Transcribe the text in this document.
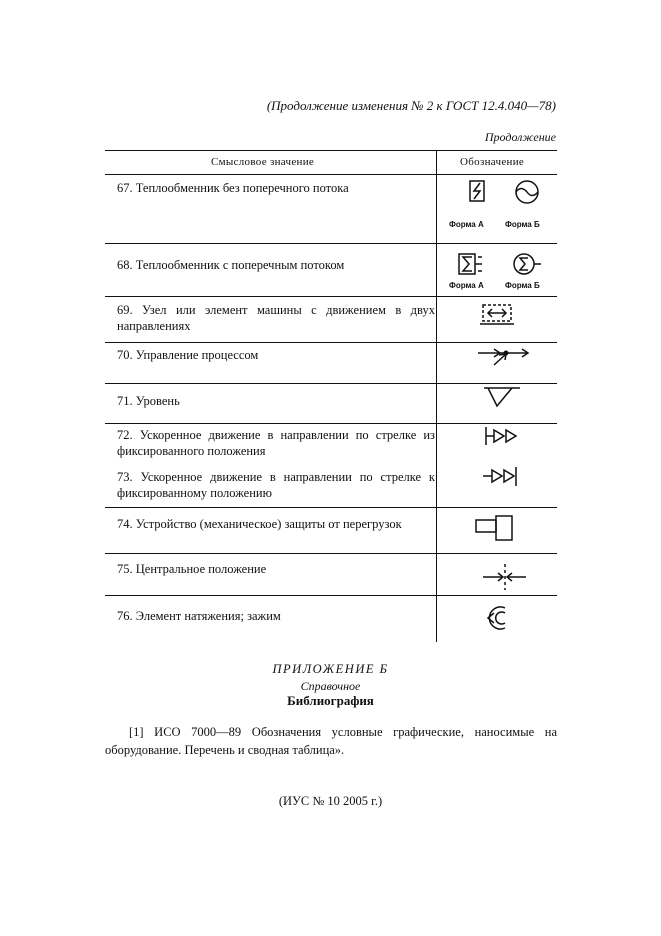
(Продолжение изменения № 2 к ГОСТ 12.4.040—78)
Продолжение
Смысловое значение	Обозначение
67. Теплообменник без поперечного потока
Форма А	Форма Б
68. Теплообменник с поперечным потоком
Форма А	Форма Б
69. Узел или элемент машины с движением в двух направлениях
70. Управление процессом
71. Уровень
72. Ускоренное движение в направлении по стрелке из фиксированного положения
73. Ускоренное движение в направлении по стрелке к фиксированному положению
74. Устройство (механическое) защиты от перегрузок
75. Центральное положение
76. Элемент натяжения; зажим
ПРИЛОЖЕНИЕ Б
Справочное
Библиография
[1] ИСО 7000—89 Обозначения условные графические, наносимые на оборудование. Перечень и сводная таблица».
(ИУС № 10 2005 г.)
